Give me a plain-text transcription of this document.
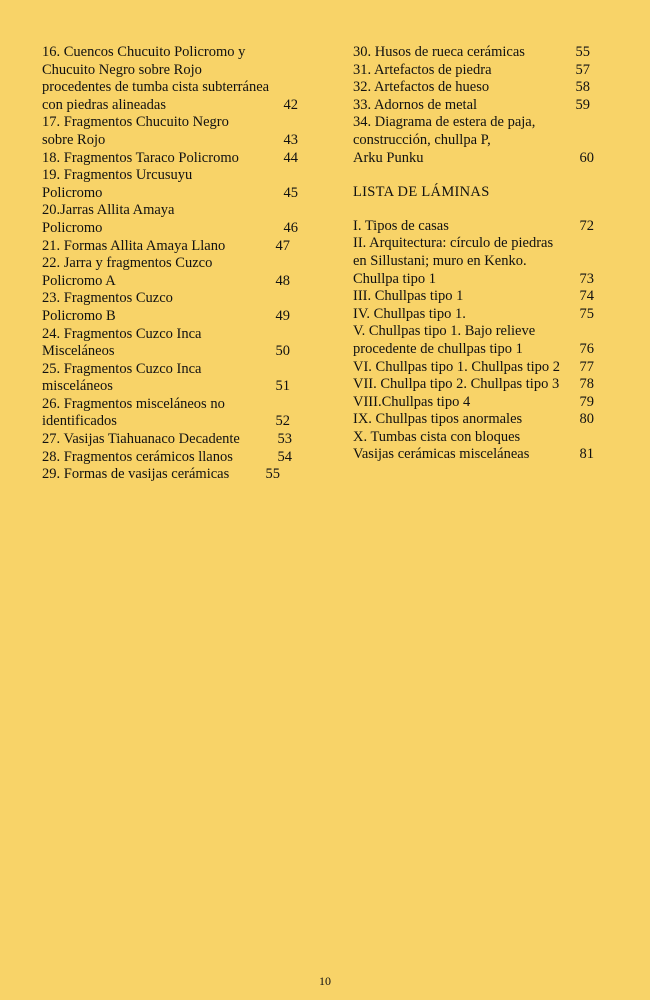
16. Cuencos Chucuito Policromo y
Chucuito Negro sobre Rojo
procedentes de tumba cista subterránea
con piedras alineadas	42
17. Fragmentos Chucuito Negro
sobre Rojo	43
18. Fragmentos Taraco Policromo	44
19. Fragmentos Urcusuyu
Policromo	45
20.Jarras Allita Amaya
Policromo	46
21. Formas Allita Amaya Llano	47
22. Jarra y fragmentos Cuzco
Policromo A	48
23. Fragmentos Cuzco
Policromo B	49
24. Fragmentos Cuzco Inca
Misceláneos	50
25. Fragmentos Cuzco Inca
misceláneos	51
26. Fragmentos misceláneos no
identificados	52
27. Vasijas Tiahuanaco Decadente	53
28. Fragmentos cerámicos llanos	54
29. Formas de vasijas cerámicas	55
30. Husos de rueca cerámicas	55
31. Artefactos de piedra	57
32. Artefactos de hueso	58
33. Adornos de metal	59
34. Diagrama de estera de paja,
construcción, chullpa P,
Arku Punku	60
LISTA DE LÁMINAS
I. Tipos de casas	72
II. Arquitectura: círculo de piedras
en Sillustani; muro en Kenko.
Chullpa tipo 1	73
III. Chullpas tipo 1	74
IV. Chullpas tipo 1.	75
V. Chullpas tipo 1. Bajo relieve
procedente de chullpas tipo 1	76
VI. Chullpas tipo 1. Chullpas tipo 2 77
VII. Chullpa tipo 2. Chullpas tipo 3 78
VIII.Chullpas tipo 4	79
IX. Chullpas tipos anormales	80
X. Tumbas cista con bloques
Vasijas cerámicas misceláneas	81
10
